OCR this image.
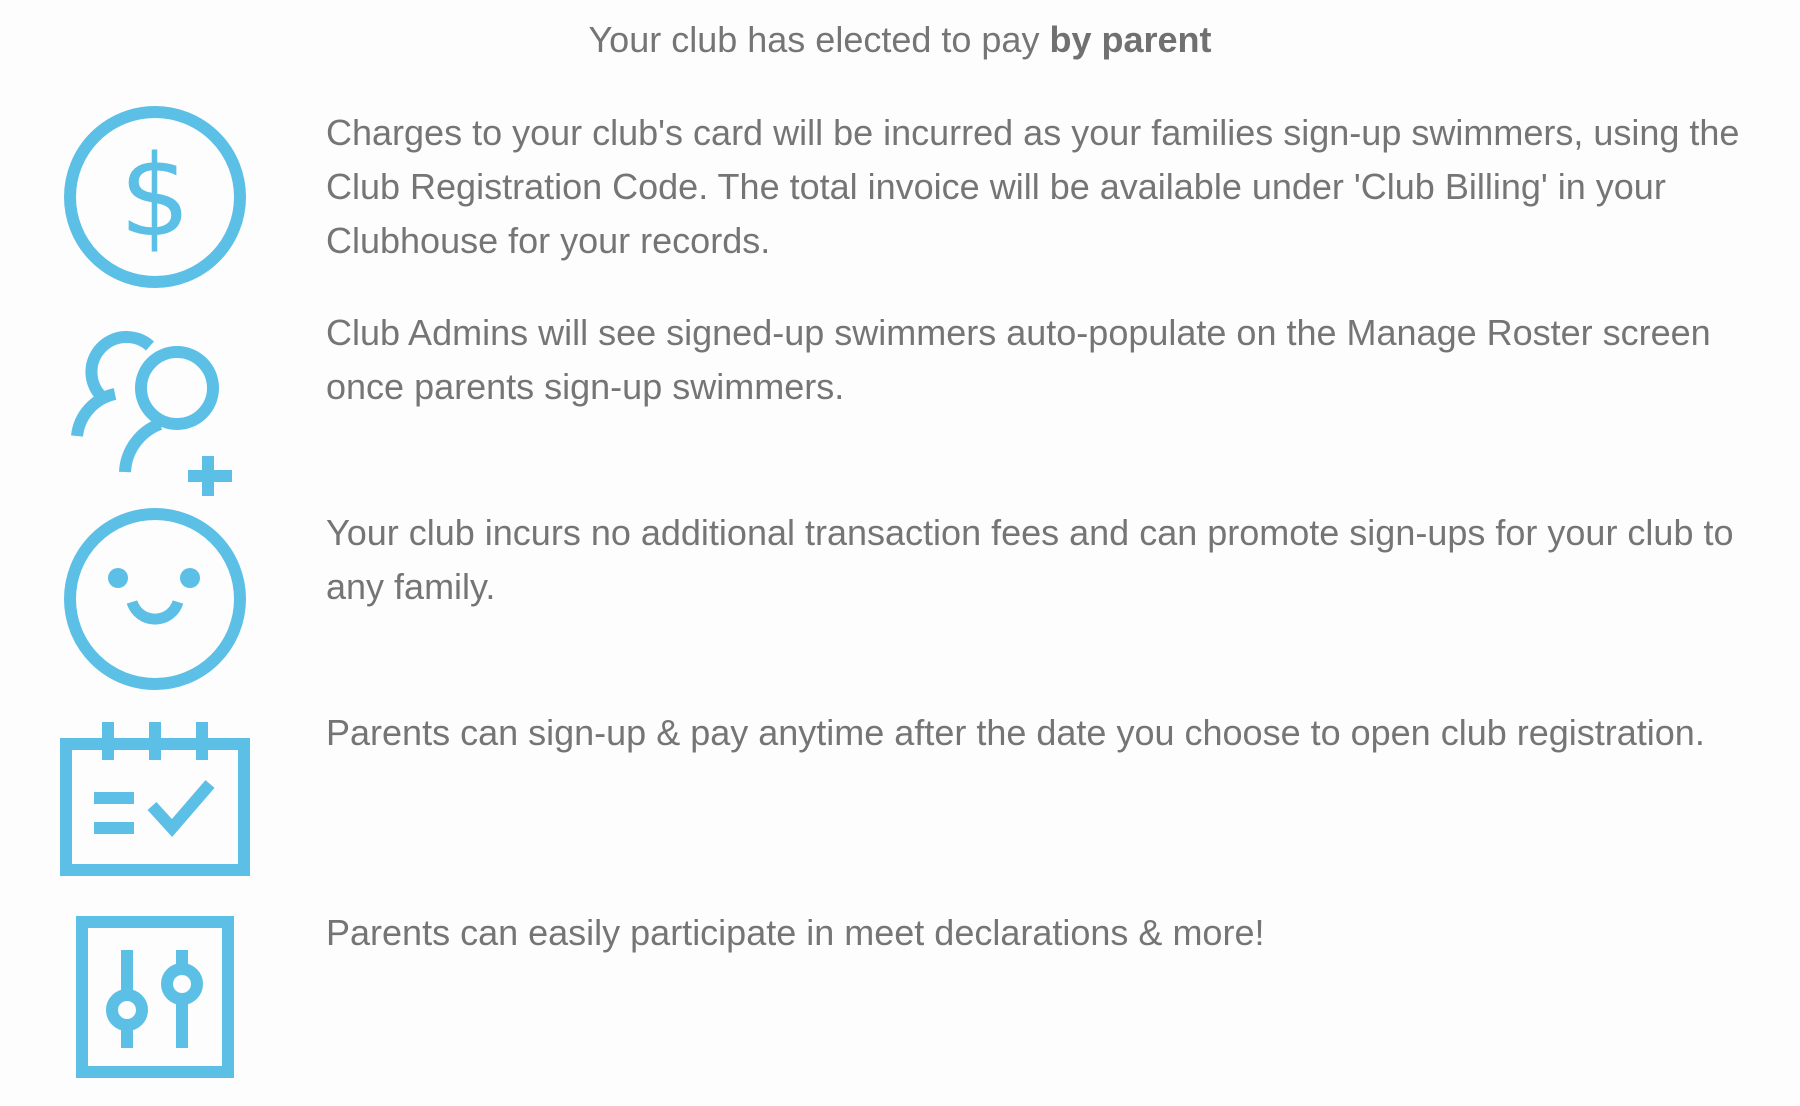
Your club has elected to pay by parent
$	Charges to your club's card will be incurred as your families sign-up swimmers, using the Club Registration Code. The total invoice will be available under 'Club Billing' in your Clubhouse for your records.

Club Admins will see signed-up swimmers auto-populate on the Manage Roster screen once parents sign-up swimmers.

Your club incurs no additional transaction fees and can promote sign-ups for your club to any family.

Parents can sign-up & pay anytime after the date you choose to open club registration.

Parents can easily participate in meet declarations & more!
